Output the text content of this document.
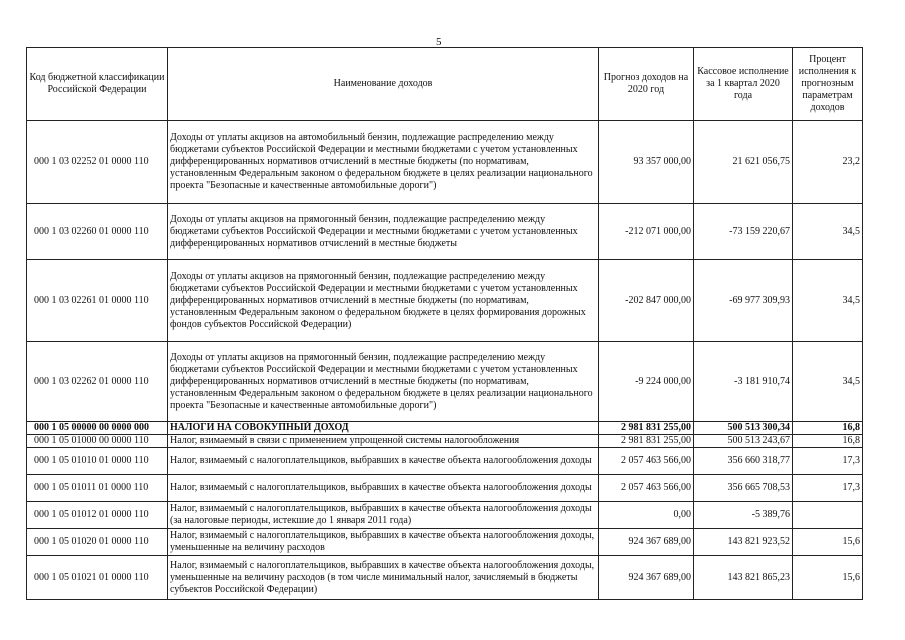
5
Код бюджетной классификации Российской Федерации	Наименование доходов	Прогноз доходов на 2020 год	Кассовое исполнение за 1 квартал 2020 года	Процент исполнения к прогнозным параметрам доходов
000 1 03 02252 01 0000 110	Доходы от уплаты акцизов на автомобильный бензин, подлежащие распределению между бюджетами субъектов Российской Федерации и местными бюджетами с учетом установленных дифференцированных нормативов отчислений в местные бюджеты (по нормативам, установленным Федеральным законом о федеральном бюджете в целях реализации национального проекта "Безопасные и качественные автомобильные дороги")	93 357 000,00	21 621 056,75	23,2
000 1 03 02260 01 0000 110	Доходы от уплаты акцизов на прямогонный бензин, подлежащие распределению между бюджетами субъектов Российской Федерации и местными бюджетами с учетом установленных дифференцированных нормативов отчислений в местные бюджеты	-212 071 000,00	-73 159 220,67	34,5
000 1 03 02261 01 0000 110	Доходы от уплаты акцизов на прямогонный бензин, подлежащие распределению между бюджетами субъектов Российской Федерации и местными бюджетами с учетом установленных дифференцированных нормативов отчислений в местные бюджеты (по нормативам, установленным Федеральным законом о федеральном бюджете в целях формирования дорожных фондов субъектов Российской Федерации)	-202 847 000,00	-69 977 309,93	34,5
000 1 03 02262 01 0000 110	Доходы от уплаты акцизов на прямогонный бензин, подлежащие распределению между бюджетами субъектов Российской Федерации и местными бюджетами с учетом установленных дифференцированных нормативов отчислений в местные бюджеты (по нормативам, установленным Федеральным законом о федеральном бюджете в целях реализации национального проекта "Безопасные и качественные автомобильные дороги")	-9 224 000,00	-3 181 910,74	34,5
000 1 05 00000 00 0000 000	НАЛОГИ НА СОВОКУПНЫЙ ДОХОД	2 981 831 255,00	500 513 300,34	16,8
000 1 05 01000 00 0000 110	Налог, взимаемый в связи с применением упрощенной системы налогообложения	2 981 831 255,00	500 513 243,67	16,8
000 1 05 01010 01 0000 110	Налог, взимаемый с налогоплательщиков, выбравших в качестве объекта налогообложения доходы	2 057 463 566,00	356 660 318,77	17,3
000 1 05 01011 01 0000 110	Налог, взимаемый с налогоплательщиков, выбравших в качестве объекта налогообложения доходы	2 057 463 566,00	356 665 708,53	17,3
000 1 05 01012 01 0000 110	Налог, взимаемый с налогоплательщиков, выбравших в качестве объекта налогообложения доходы (за налоговые периоды, истекшие до 1 января 2011 года)	0,00	-5 389,76	
000 1 05 01020 01 0000 110	Налог, взимаемый с налогоплательщиков, выбравших в качестве объекта налогообложения доходы, уменьшенные на величину расходов	924 367 689,00	143 821 923,52	15,6
000 1 05 01021 01 0000 110	Налог, взимаемый с налогоплательщиков, выбравших в качестве объекта налогообложения доходы, уменьшенные на величину расходов (в том числе минимальный налог, зачисляемый в бюджеты субъектов Российской Федерации)	924 367 689,00	143 821 865,23	15,6
